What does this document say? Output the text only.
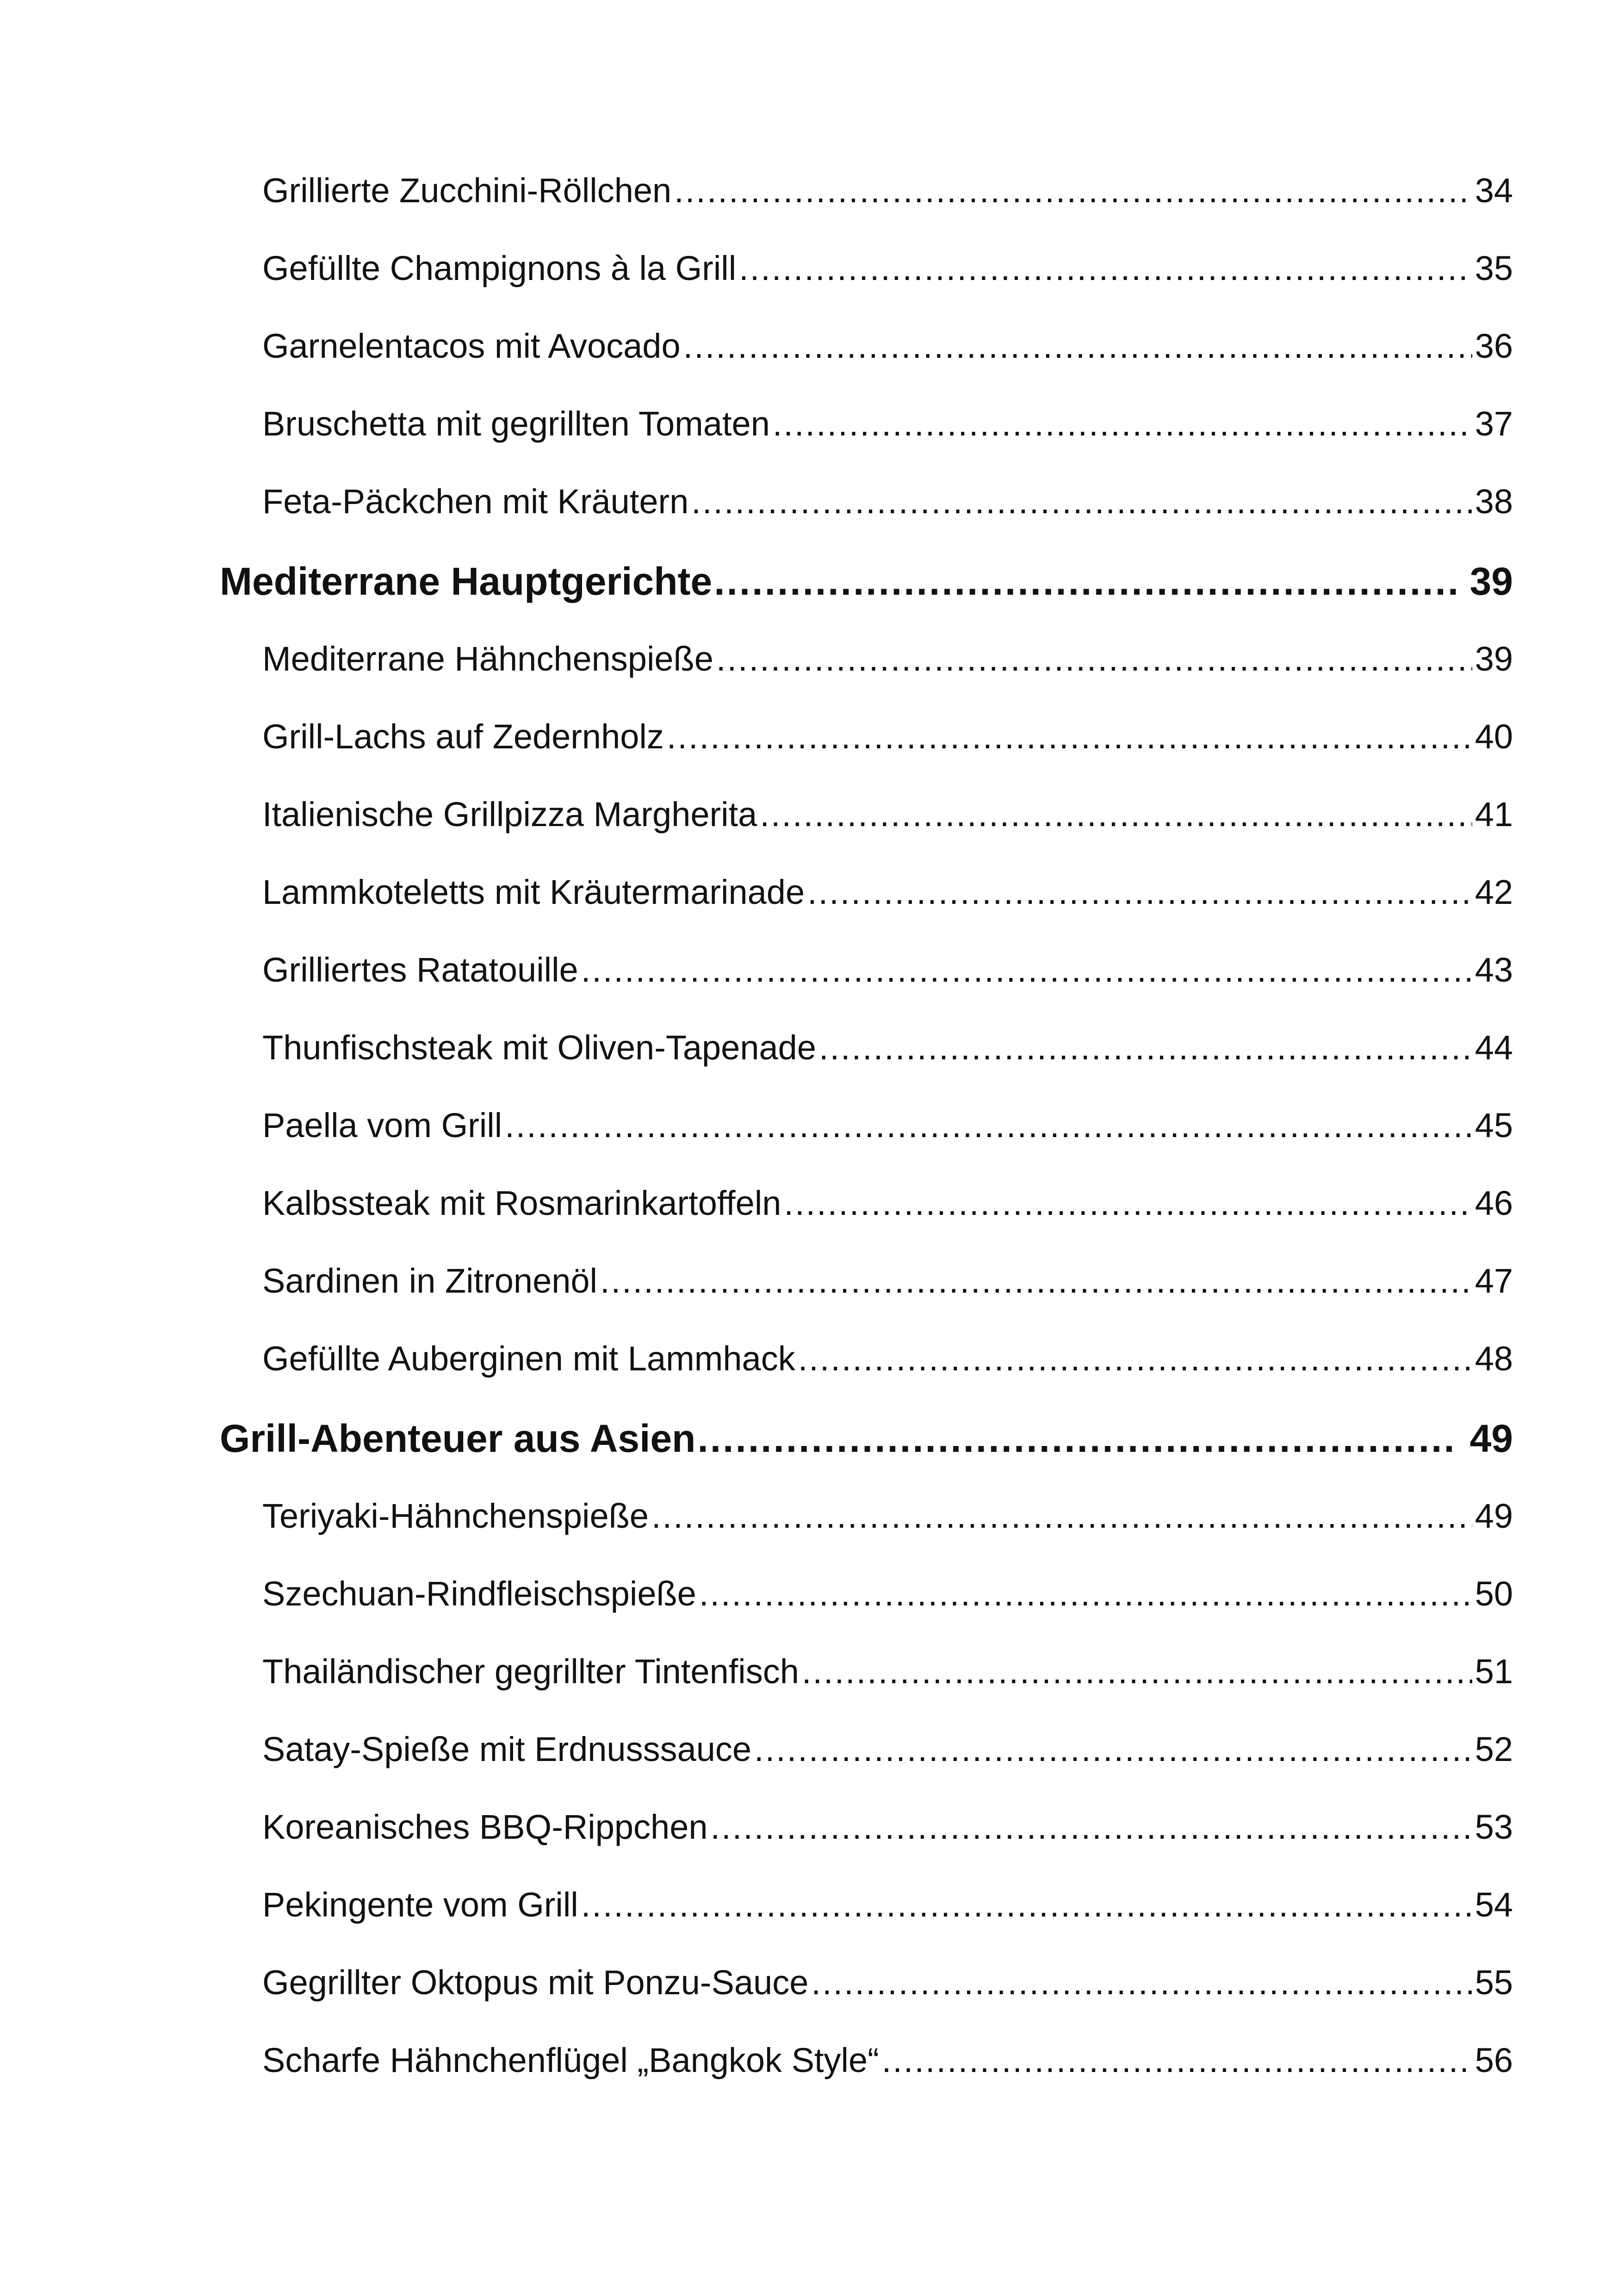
Grillierte Zucchini-Röllchen .....	34
Gefüllte Champignons à la Grill .....	35
Garnelentacos mit Avocado .....	36
Bruschetta mit gegrillten Tomaten .....	37
Feta-Päckchen mit Kräutern .....	38
Mediterrane Hauptgerichte .....	39
Mediterrane Hähnchenspieße .....	39
Grill-Lachs auf Zedernholz .....	40
Italienische Grillpizza Margherita .....	41
Lammkoteletts mit Kräutermarinade .....	42
Grilliertes Ratatouille .....	43
Thunfischsteak mit Oliven-Tapenade .....	44
Paella vom Grill .....	45
Kalbssteak mit Rosmarinkartoffeln .....	46
Sardinen in Zitronenöl .....	47
Gefüllte Auberginen mit Lammhack .....	48
Grill-Abenteuer aus Asien .....	49
Teriyaki-Hähnchenspieße .....	49
Szechuan-Rindfleischspieße .....	50
Thailändischer gegrillter Tintenfisch .....	51
Satay-Spieße mit Erdnusssauce .....	52
Koreanisches BBQ-Rippchen .....	53
Pekingente vom Grill .....	54
Gegrillter Oktopus mit Ponzu-Sauce .....	55
Scharfe Hähnchenflügel „Bangkok Style“ .....	56
